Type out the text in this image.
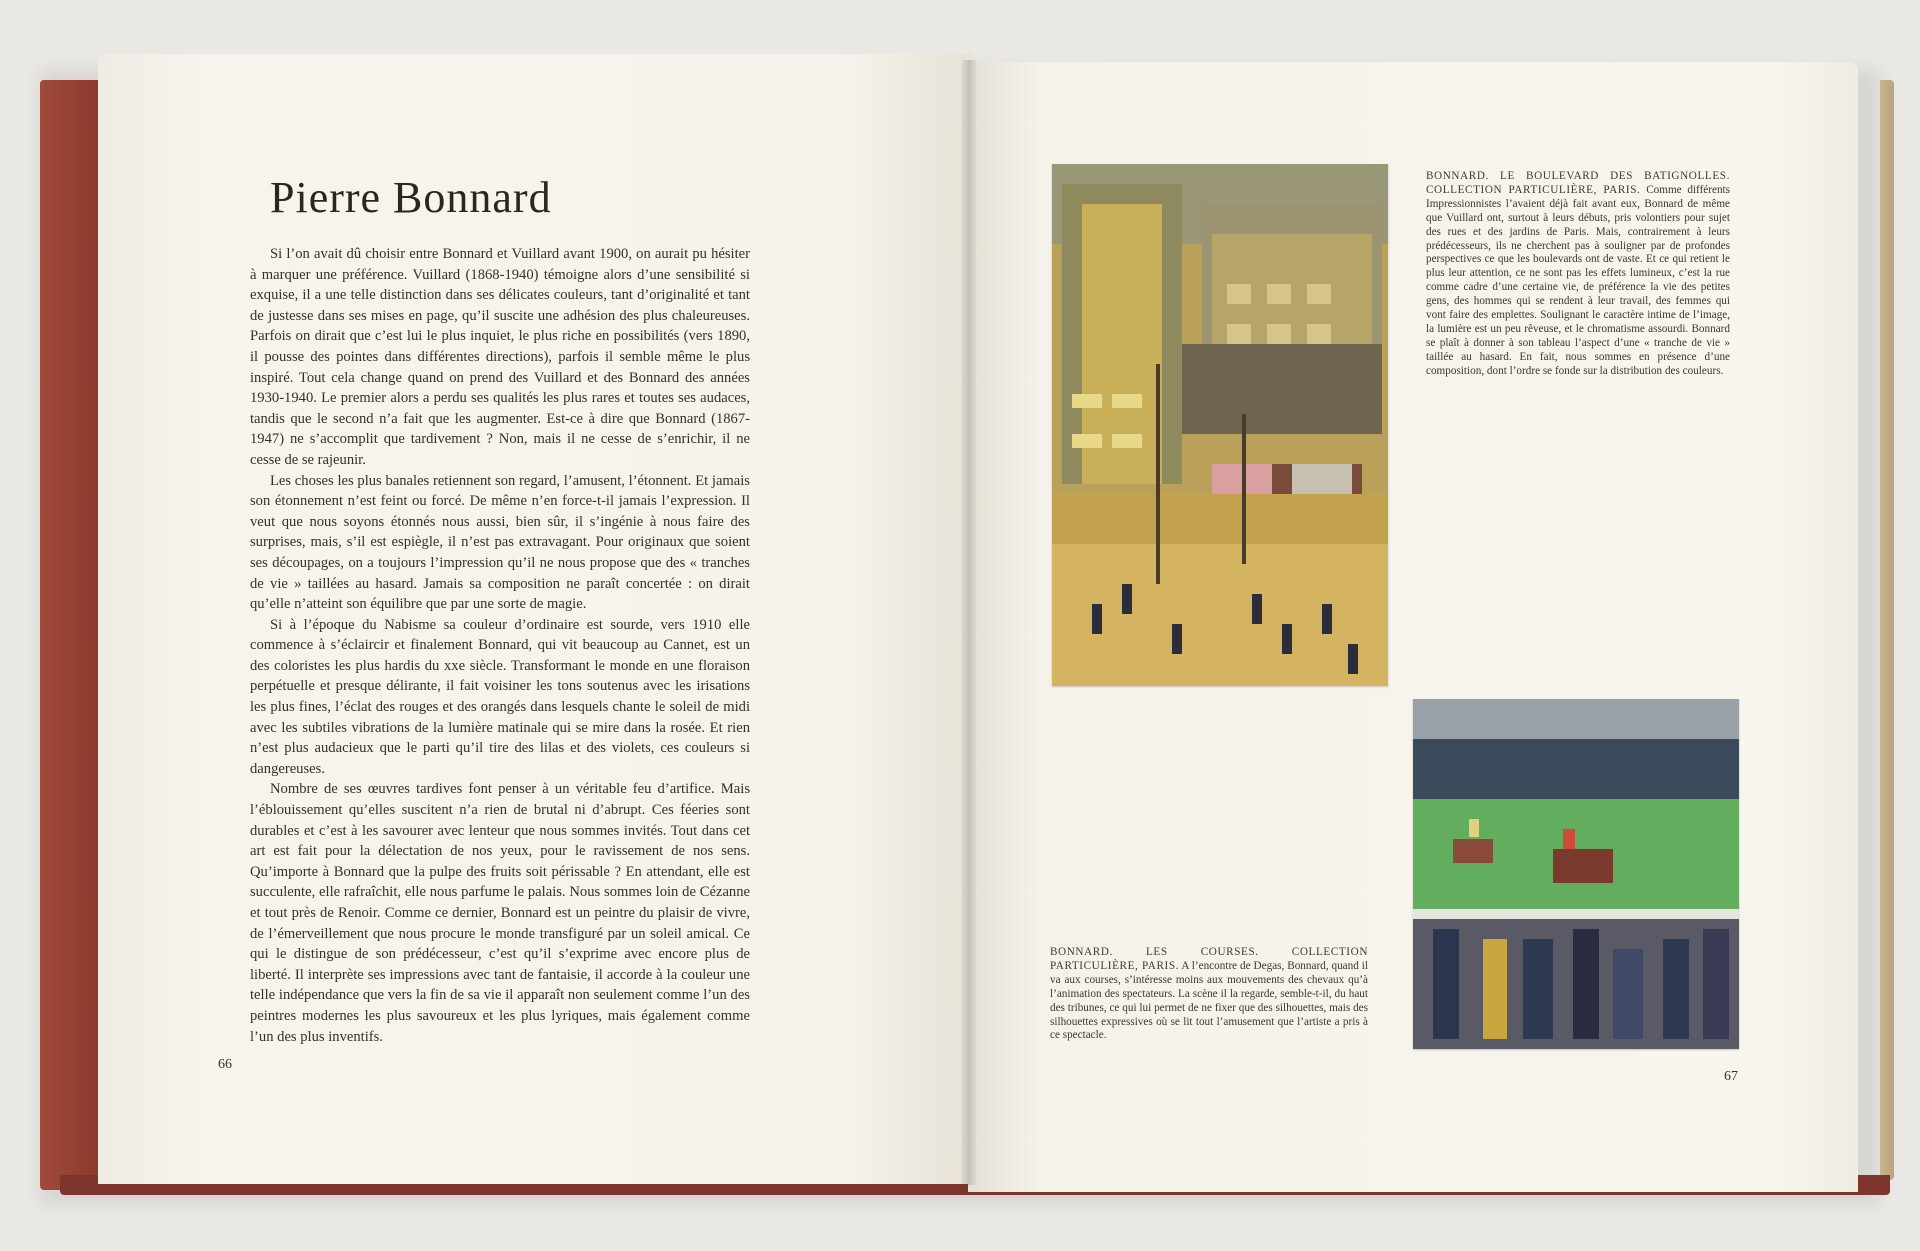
Pierre Bonnard

Si l’on avait dû choisir entre Bonnard et Vuillard avant 1900, on aurait pu hésiter à marquer une préférence. Vuillard (1868-1940) témoigne alors d’une sensibilité si exquise, il a une telle distinction dans ses délicates couleurs, tant d’originalité et tant de justesse dans ses mises en page, qu’il suscite une adhésion des plus chaleureuses. Parfois on dirait que c’est lui le plus inquiet, le plus riche en possibilités (vers 1890, il pousse des pointes dans différentes directions), parfois il semble même le plus inspiré. Tout cela change quand on prend des Vuillard et des Bonnard des années 1930-1940. Le premier alors a perdu ses qualités les plus rares et toutes ses audaces, tandis que le second n’a fait que les augmenter. Est-ce à dire que Bonnard (1867-1947) ne s’accomplit que tardivement ? Non, mais il ne cesse de s’enrichir, il ne cesse de se rajeunir.

Les choses les plus banales retiennent son regard, l’amusent, l’étonnent. Et jamais son étonnement n’est feint ou forcé. De même n’en force-t-il jamais l’expression. Il veut que nous soyons étonnés nous aussi, bien sûr, il s’ingénie à nous faire des surprises, mais, s’il est espiègle, il n’est pas extravagant. Pour originaux que soient ses découpages, on a toujours l’impression qu’il ne nous propose que des « tranches de vie » taillées au hasard. Jamais sa composition ne paraît concertée : on dirait qu’elle n’atteint son équilibre que par une sorte de magie.

Si à l’époque du Nabisme sa couleur d’ordinaire est sourde, vers 1910 elle commence à s’éclaircir et finalement Bonnard, qui vit beaucoup au Cannet, est un des coloristes les plus hardis du xxe siècle. Transformant le monde en une floraison perpétuelle et presque délirante, il fait voisiner les tons soutenus avec les irisations les plus fines, l’éclat des rouges et des orangés dans lesquels chante le soleil de midi avec les subtiles vibrations de la lumière matinale qui se mire dans la rosée. Et rien n’est plus audacieux que le parti qu’il tire des lilas et des violets, ces couleurs si dangereuses.

Nombre de ses œuvres tardives font penser à un véritable feu d’artifice. Mais l’éblouissement qu’elles suscitent n’a rien de brutal ni d’abrupt. Ces féeries sont durables et c’est à les savourer avec lenteur que nous sommes invités. Tout dans cet art est fait pour la délectation de nos yeux, pour le ravissement de nos sens. Qu’importe à Bonnard que la pulpe des fruits soit périssable ? En attendant, elle est succulente, elle rafraîchit, elle nous parfume le palais. Nous sommes loin de Cézanne et tout près de Renoir. Comme ce dernier, Bonnard est un peintre du plaisir de vivre, de l’émerveillement que nous procure le monde transfiguré par un soleil amical. Ce qui le distingue de son prédécesseur, c’est qu’il s’exprime avec encore plus de liberté. Il interprète ses impressions avec tant de fantaisie, il accorde à la couleur une telle indépendance que vers la fin de sa vie il apparaît non seulement comme l’un des peintres modernes les plus savoureux et les plus lyriques, mais également comme l’un des plus inventifs.

66

BONNARD. LE BOULEVARD DES BATIGNOLLES. COLLECTION PARTICULIÈRE, PARIS. Comme différents Impressionnistes l’avaient déjà fait avant eux, Bonnard de même que Vuillard ont, surtout à leurs débuts, pris volontiers pour sujet des rues et des jardins de Paris. Mais, contrairement à leurs prédécesseurs, ils ne cherchent pas à souligner par de profondes perspectives ce que les boulevards ont de vaste. Et ce qui retient le plus leur attention, ce ne sont pas les effets lumineux, c’est la rue comme cadre d’une certaine vie, de préférence la vie des petites gens, des hommes qui se rendent à leur travail, des femmes qui vont faire des emplettes. Soulignant le caractère intime de l’image, la lumière est un peu rêveuse, et le chromatisme assourdi. Bonnard se plaît à donner à son tableau l’aspect d’une « tranche de vie » taillée au hasard. En fait, nous sommes en présence d’une composition, dont l’ordre se fonde sur la distribution des couleurs.

BONNARD. LES COURSES. COLLECTION PARTICULIÈRE, PARIS. A l’encontre de Degas, Bonnard, quand il va aux courses, s’intéresse moins aux mouvements des chevaux qu’à l’animation des spectateurs. La scène il la regarde, semble-t-il, du haut des tribunes, ce qui lui permet de ne fixer que des silhouettes, mais des silhouettes expressives où se lit tout l’amusement que l’artiste a pris à ce spectacle.

67
